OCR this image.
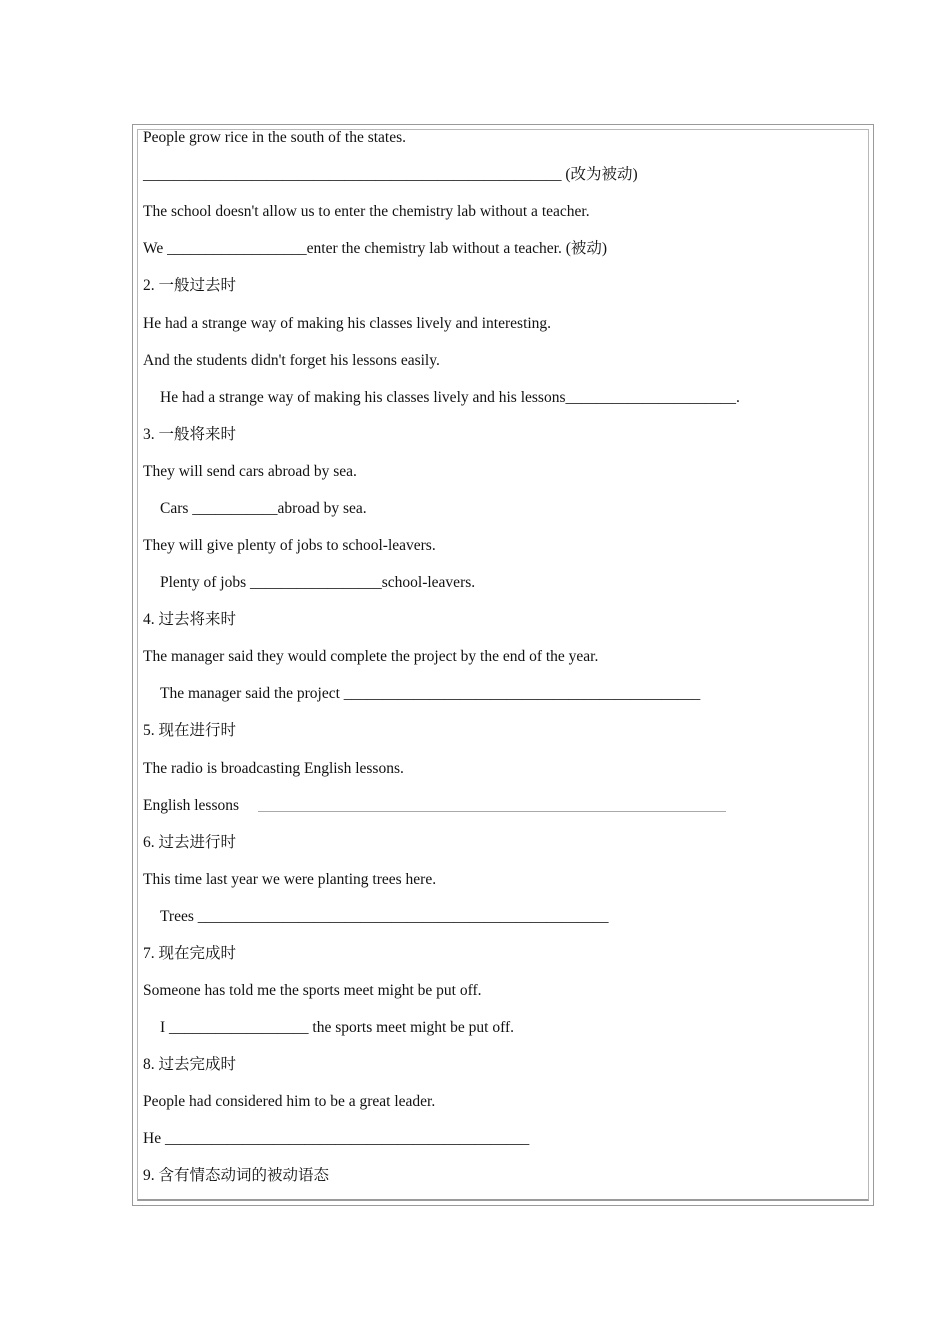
People grow rice in the south of the states.
______________________________________________________ (改为被动)
The school doesn't allow us to enter the chemistry lab without a teacher.
We __________________enter the chemistry lab without a teacher. (被动)
2. 一般过去时
He had a strange way of making his classes lively and interesting.
And the students didn't forget his lessons easily.
He had a strange way of making his classes lively and his lessons______________________.
3. 一般将来时
They will send cars abroad by sea.
Cars ___________abroad by sea.
They will give plenty of jobs to school-leavers.
Plenty of jobs _________________school-leavers.
4. 过去将来时
The manager said they would complete the project by the end of the year.
The manager said the project ______________________________________________
5. 现在进行时
The radio is broadcasting English lessons.
English lessons
6. 过去进行时
This time last year we were planting trees here.
Trees _____________________________________________________
7. 现在完成时
Someone has told me the sports meet might be put off.
I __________________ the sports meet might be put off.
8. 过去完成时
People had considered him to be a great leader.
He _______________________________________________
9. 含有情态动词的被动语态
